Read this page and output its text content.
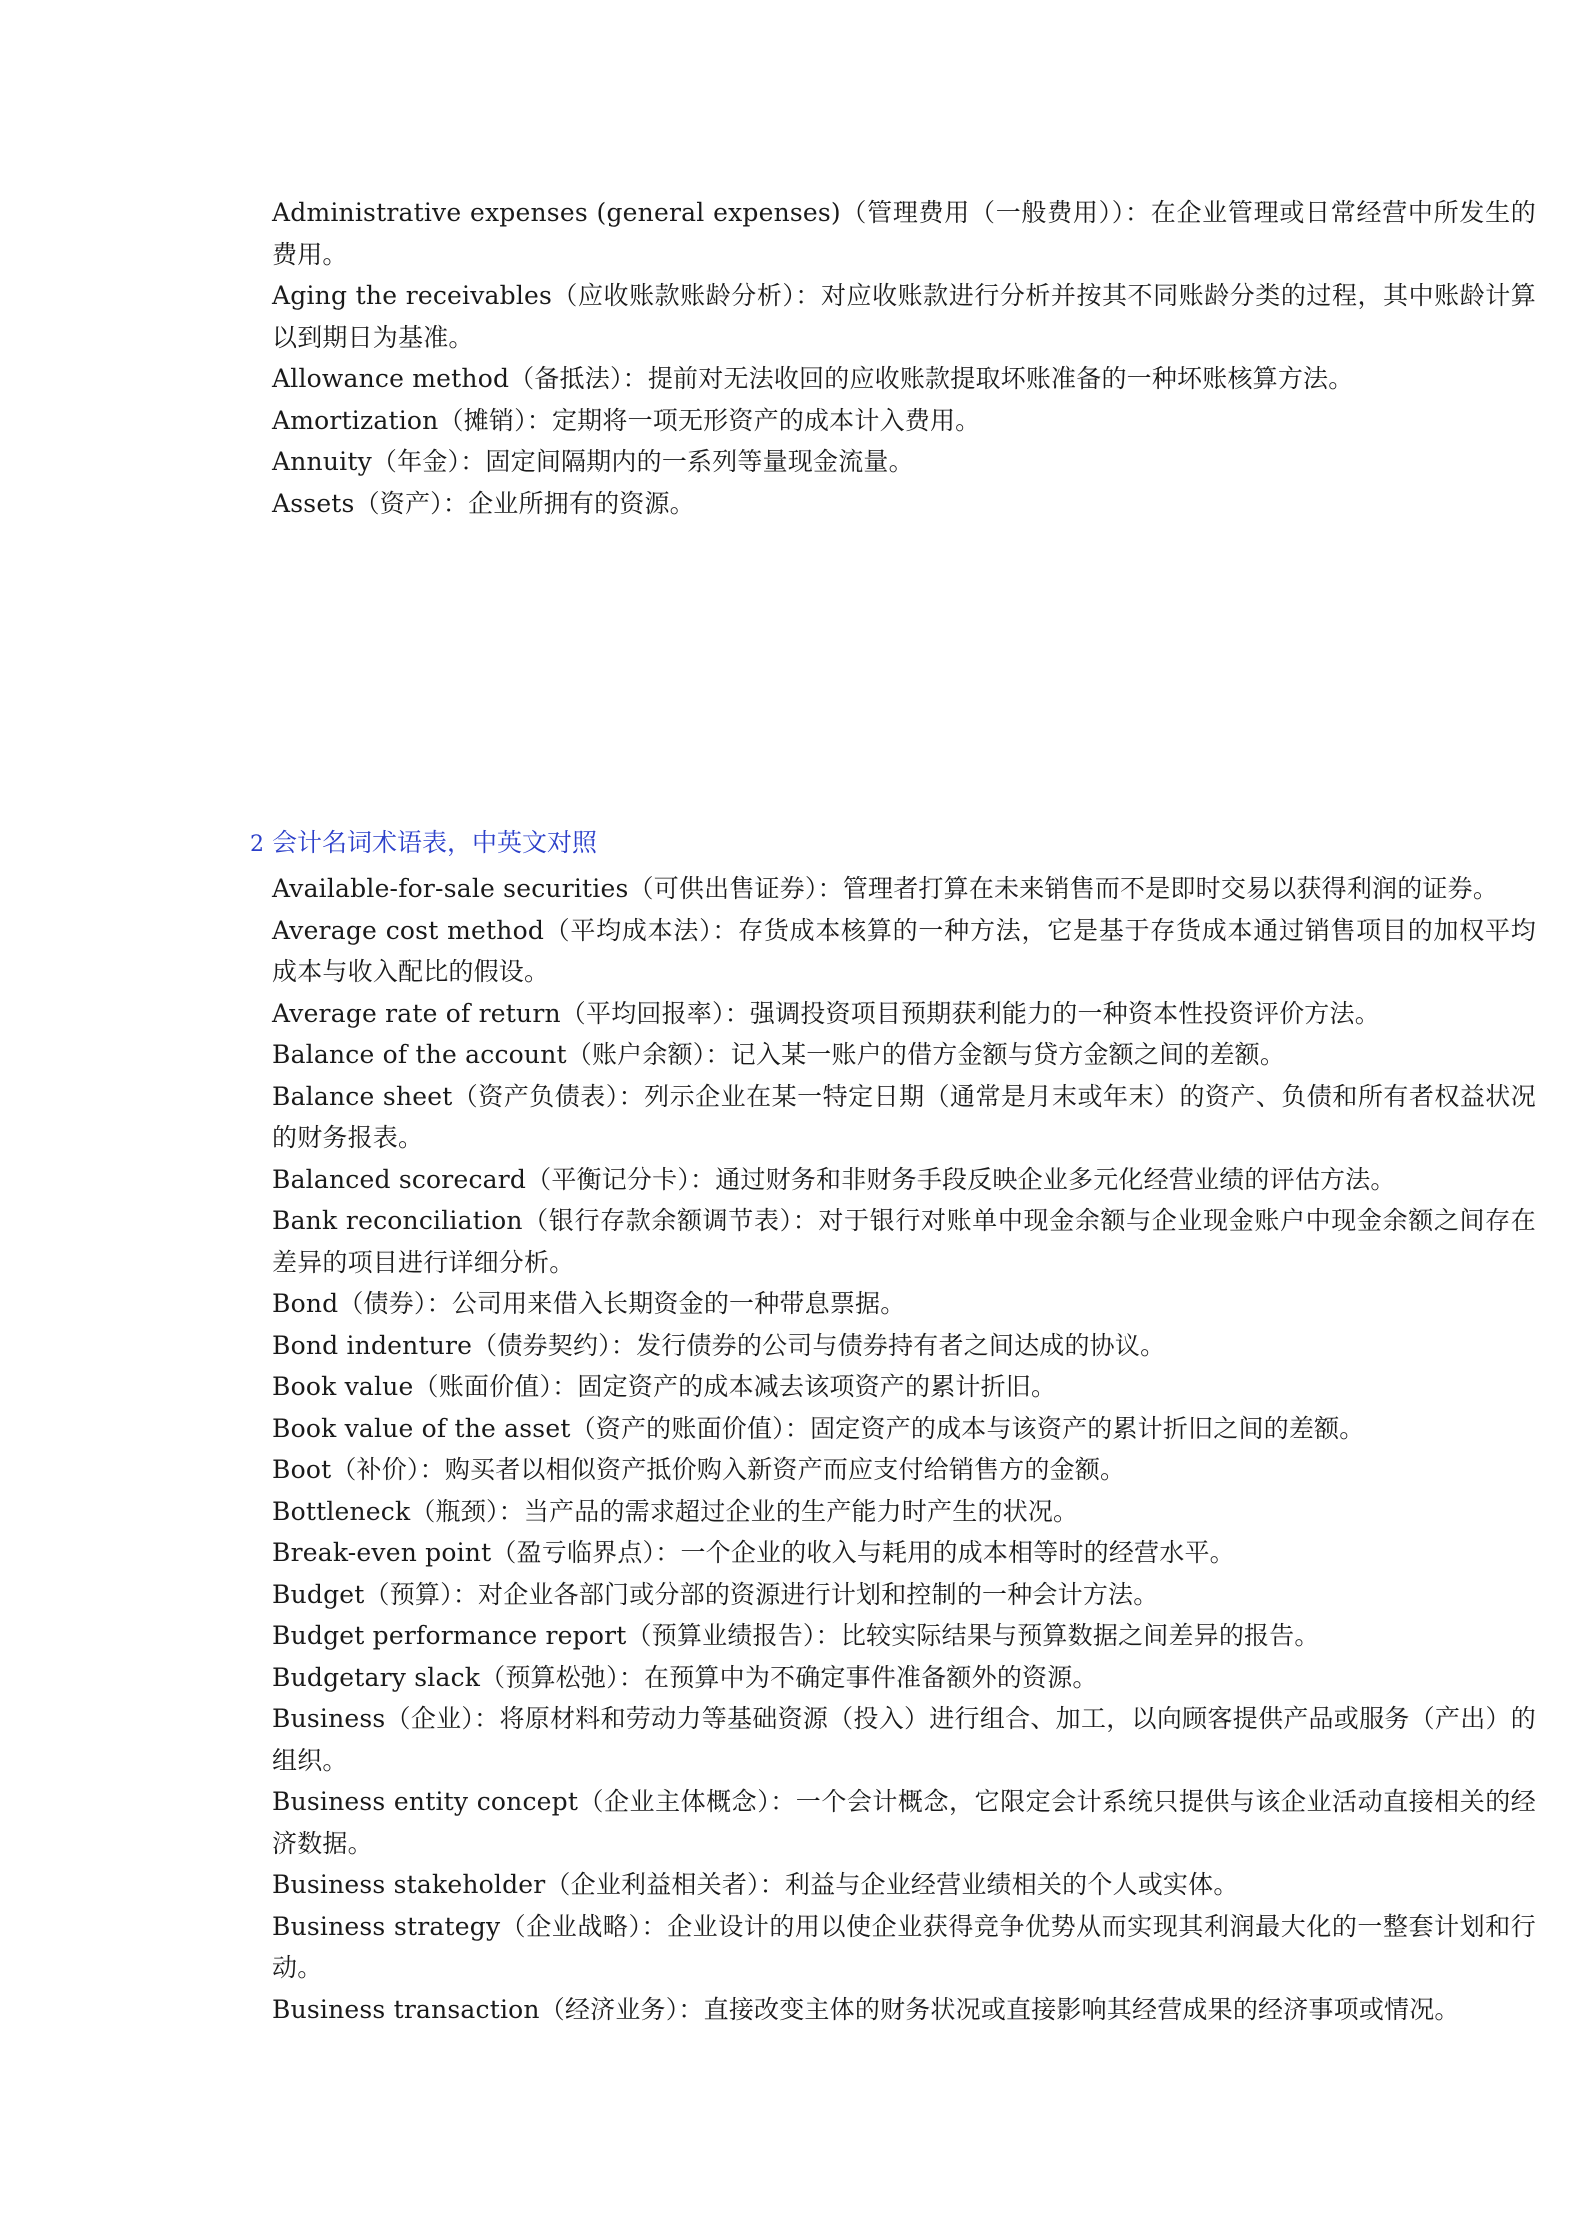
Administrative expenses (general expenses)（管理费用（一般费用））：在企业管理或日常经营中所发生的费用。
Aging the receivables（应收账款账龄分析）：对应收账款进行分析并按其不同账龄分类的过程，其中账龄计算以到期日为基准。
Allowance method（备抵法）：提前对无法收回的应收账款提取坏账准备的一种坏账核算方法。
Amortization（摊销）：定期将一项无形资产的成本计入费用。
Annuity（年金）：固定间隔期内的一系列等量现金流量。
Assets（资产）：企业所拥有的资源。
2 会计名词术语表，中英文对照
Available-for-sale securities（可供出售证券）：管理者打算在未来销售而不是即时交易以获得利润的证券。
Average cost method（平均成本法）：存货成本核算的一种方法，它是基于存货成本通过销售项目的加权平均成本与收入配比的假设。
Average rate of return（平均回报率）：强调投资项目预期获利能力的一种资本性投资评价方法。
Balance of the account（账户余额）：记入某一账户的借方金额与贷方金额之间的差额。
Balance sheet（资产负债表）：列示企业在某一特定日期（通常是月末或年末）的资产、负债和所有者权益状况的财务报表。
Balanced scorecard（平衡记分卡）：通过财务和非财务手段反映企业多元化经营业绩的评估方法。
Bank reconciliation（银行存款余额调节表）：对于银行对账单中现金余额与企业现金账户中现金余额之间存在差异的项目进行详细分析。
Bond（债券）：公司用来借入长期资金的一种带息票据。
Bond indenture（债券契约）：发行债券的公司与债券持有者之间达成的协议。
Book value（账面价值）：固定资产的成本减去该项资产的累计折旧。
Book value of the asset（资产的账面价值）：固定资产的成本与该资产的累计折旧之间的差额。
Boot（补价）：购买者以相似资产抵价购入新资产而应支付给销售方的金额。
Bottleneck（瓶颈）：当产品的需求超过企业的生产能力时产生的状况。
Break-even point（盈亏临界点）：一个企业的收入与耗用的成本相等时的经营水平。
Budget（预算）：对企业各部门或分部的资源进行计划和控制的一种会计方法。
Budget performance report（预算业绩报告）：比较实际结果与预算数据之间差异的报告。
Budgetary slack（预算松弛）：在预算中为不确定事件准备额外的资源。
Business（企业）：将原材料和劳动力等基础资源（投入）进行组合、加工，以向顾客提供产品或服务（产出）的组织。
Business entity concept（企业主体概念）：一个会计概念，它限定会计系统只提供与该企业活动直接相关的经济数据。
Business stakeholder（企业利益相关者）：利益与企业经营业绩相关的个人或实体。
Business strategy（企业战略）：企业设计的用以使企业获得竞争优势从而实现其利润最大化的一整套计划和行动。
Business transaction（经济业务）：直接改变主体的财务状况或直接影响其经营成果的经济事项或情况。
